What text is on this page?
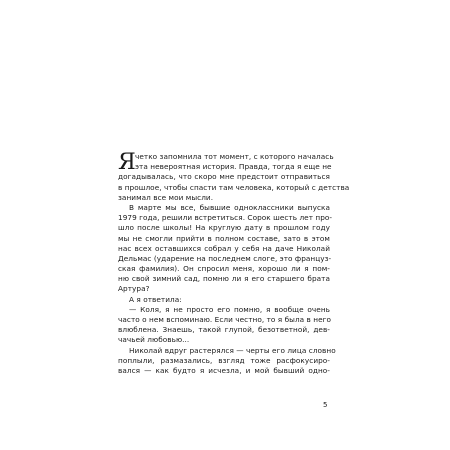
Я четко запомнила тот момент, с которого началась
эта невероятная история. Правда, тогда я еще не
догадывалась, что скоро мне предстоит отправиться
в прошлое, чтобы спасти там человека, который с детства
занимал все мои мысли.
В марте мы все, бывшие одноклассники выпуска
1979 года, решили встретиться. Сорок шесть лет про-
шло после школы! На круглую дату в прошлом году
мы не смогли прийти в полном составе, зато в этом
нас всех оставшихся собрал у себя на даче Николай
Дельмас (ударение на последнем слоге, это француз-
ская фамилия). Он спросил меня, хорошо ли я пом-
ню свой зимний сад, помню ли я его старшего брата
Артура?
А я ответила:
— Коля, я не просто его помню, я вообще очень
часто о нем вспоминаю. Если честно, то я была в него
влюблена. Знаешь, такой глупой, безответной, дев-
чачьей любовью...
Николай вдруг растерялся — черты его лица словно
поплыли, размазались, взгляд тоже расфокусиро-
вался — как будто я исчезла, и мой бывший одно-
5
